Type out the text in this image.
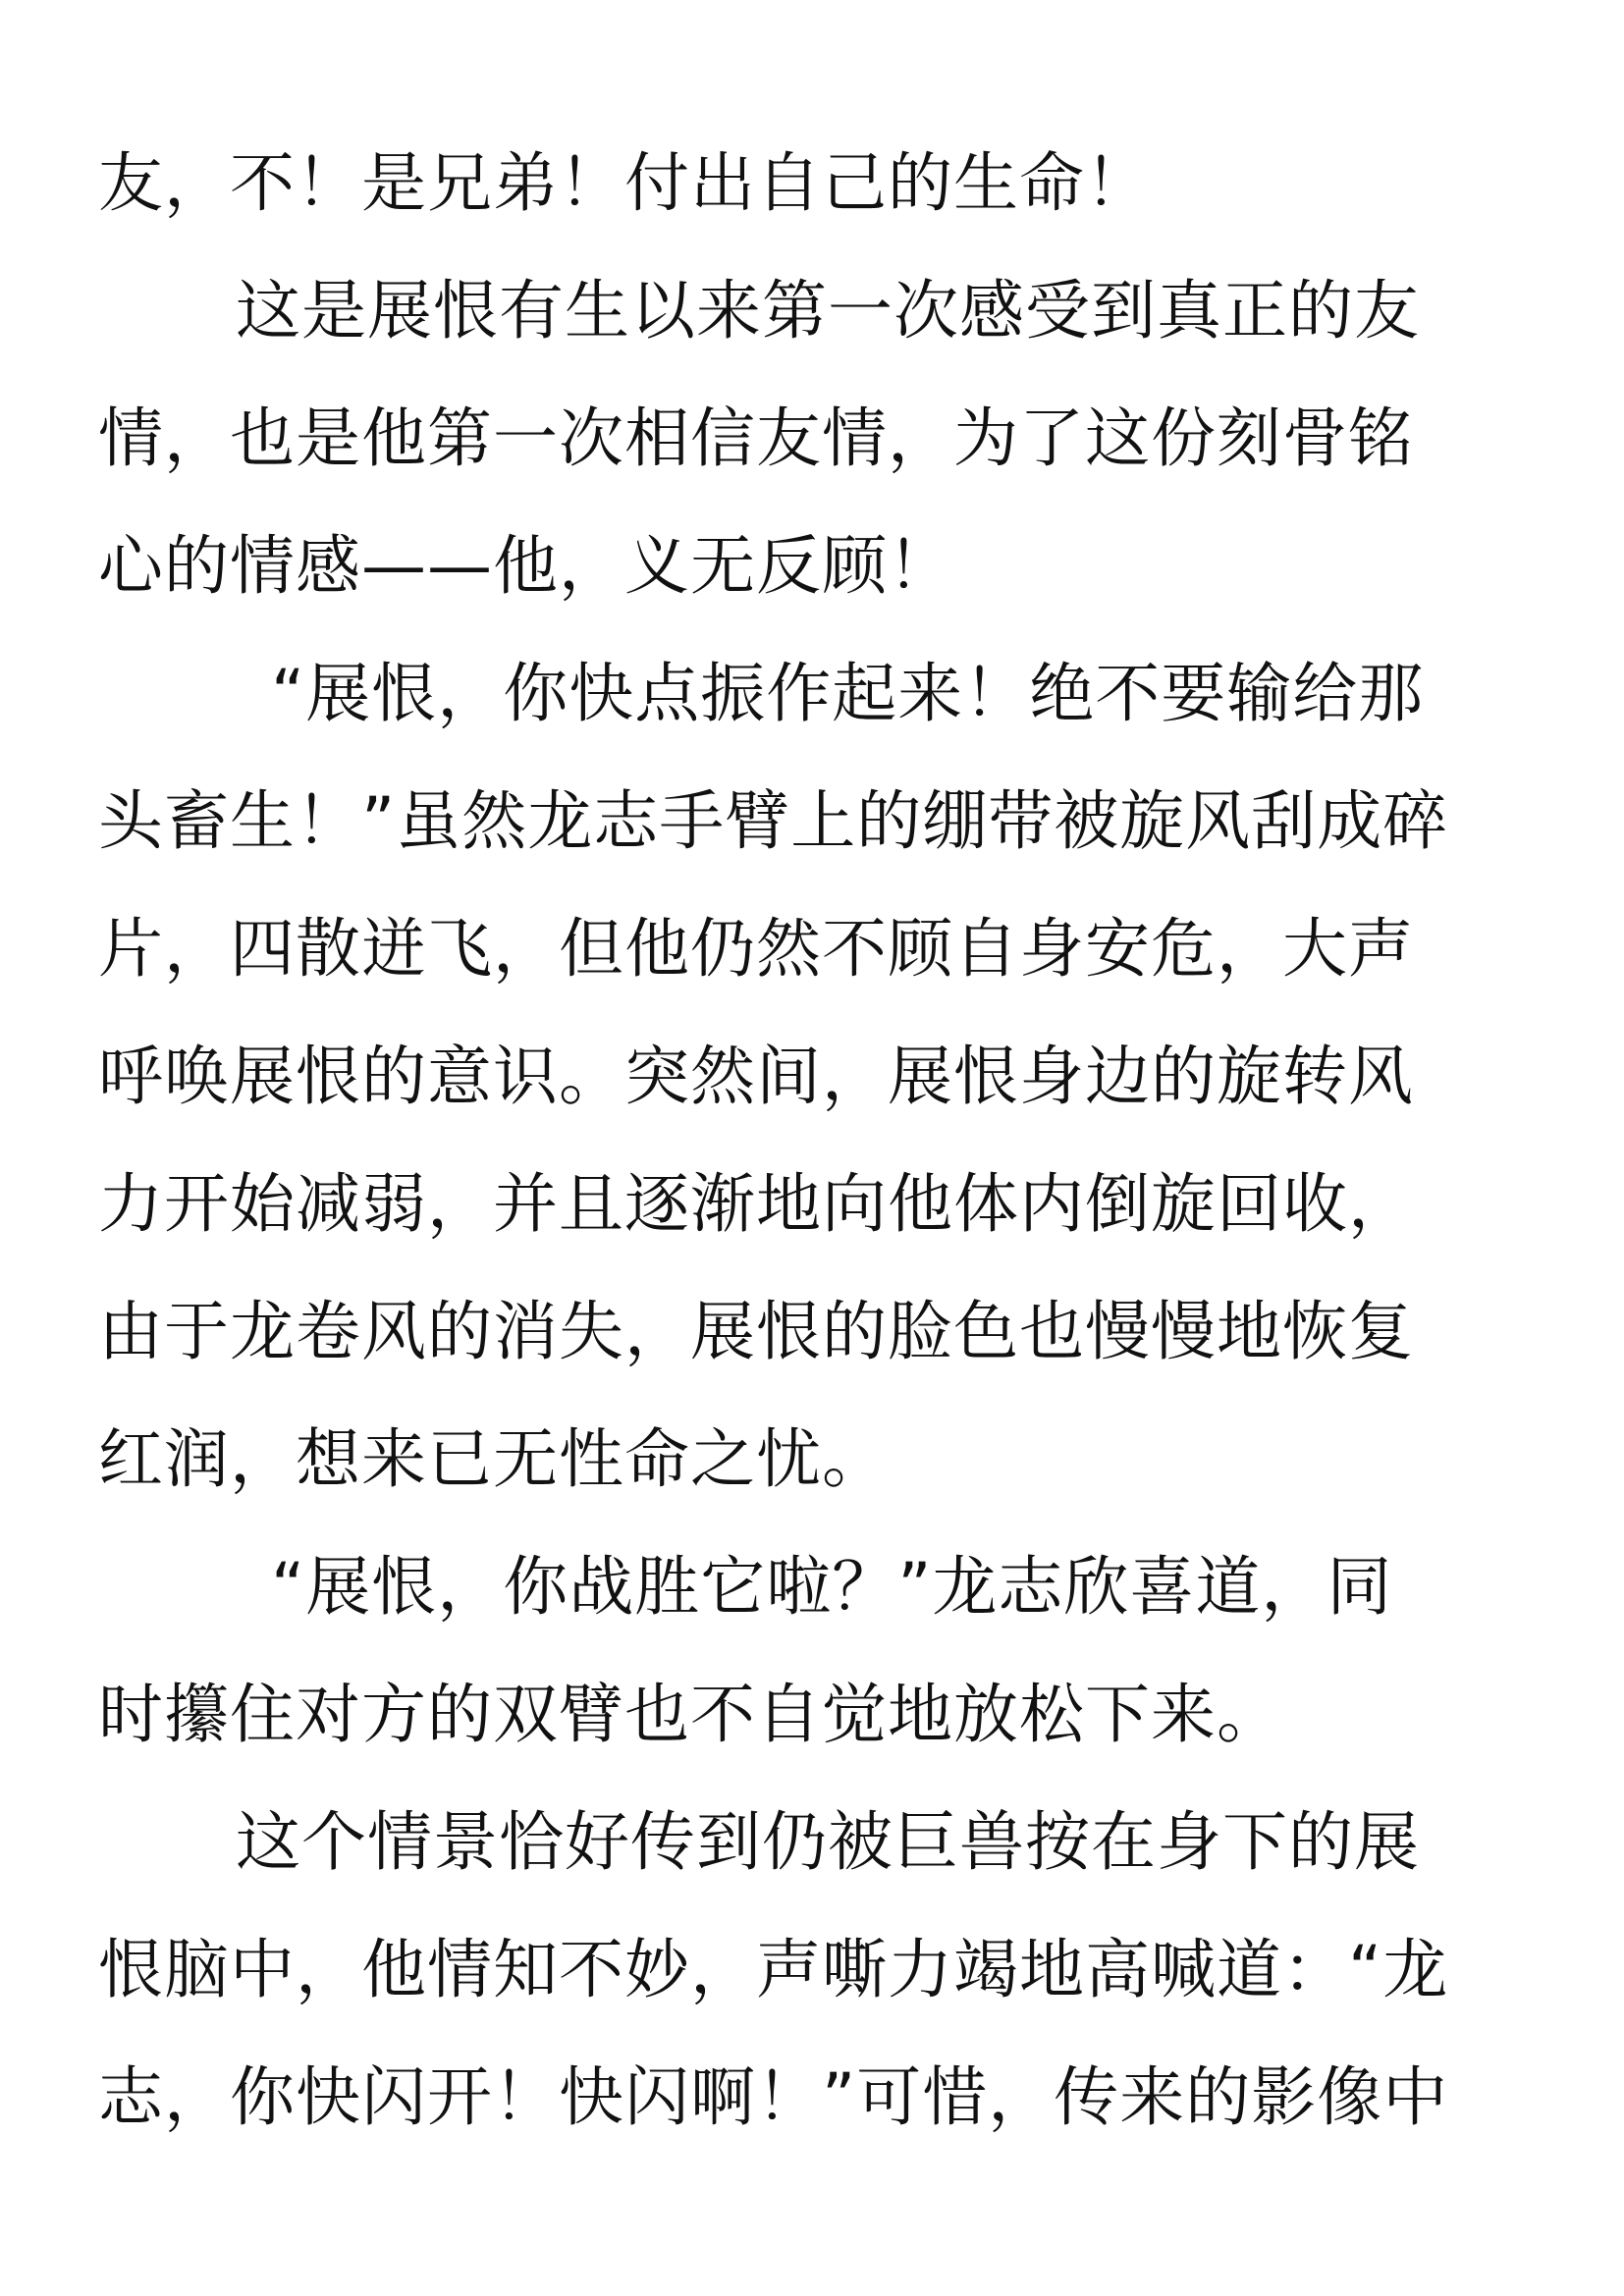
友，不！是兄弟！付出自己的生命！
这是展恨有生以来第一次感受到真正的友
情，也是他第一次相信友情，为了这份刻骨铭
心的情感——他，义无反顾！
“展恨，你快点振作起来！绝不要输给那
头畜生！”虽然龙志手臂上的绷带被旋风刮成碎
片，四散迸飞，但他仍然不顾自身安危，大声
呼唤展恨的意识。突然间，展恨身边的旋转风
力开始减弱，并且逐渐地向他体内倒旋回收，
由于龙卷风的消失，展恨的脸色也慢慢地恢复
红润，想来已无性命之忧。
“展恨，你战胜它啦？”龙志欣喜道，同
时攥住对方的双臂也不自觉地放松下来。
这个情景恰好传到仍被巨兽按在身下的展
恨脑中，他情知不妙，声嘶力竭地高喊道：“龙
志，你快闪开！快闪啊！”可惜，传来的影像中
